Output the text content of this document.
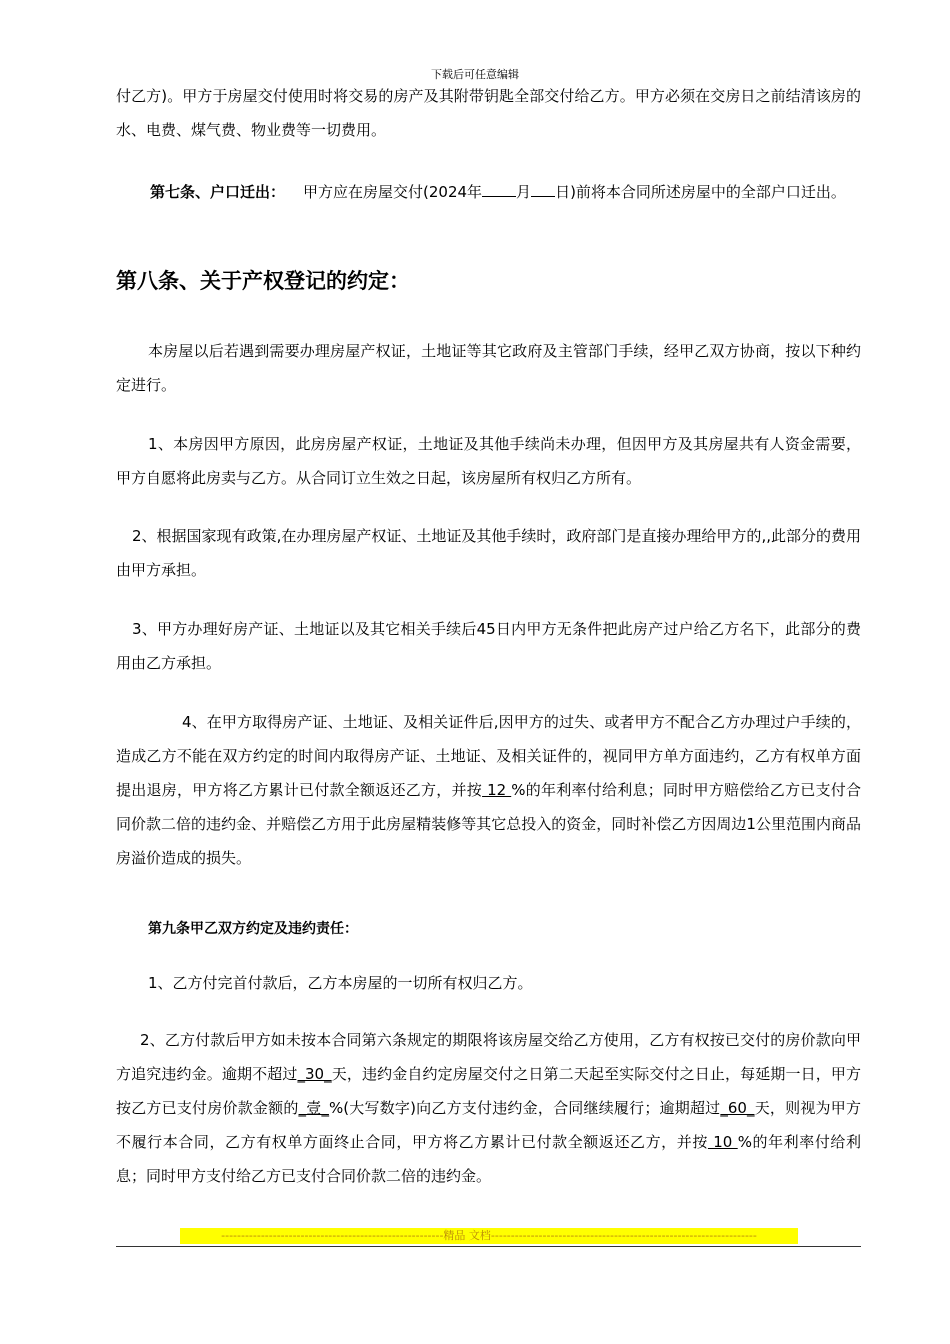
下载后可任意编辑

付乙方)。甲方于房屋交付使用时将交易的房产及其附带钥匙全部交付给乙方。甲方必须在交房日之前结清该房的水、电费、煤气费、物业费等一切费用。

第七条、户口迁出： 甲方应在房屋交付(2024年 月 日)前将本合同所述房屋中的全部户口迁出。

第八条、关于产权登记的约定：

本房屋以后若遇到需要办理房屋产权证，土地证等其它政府及主管部门手续，经甲乙双方协商，按以下种约定进行。

1、本房因甲方原因，此房房屋产权证，土地证及其他手续尚未办理，但因甲方及其房屋共有人资金需要，甲方自愿将此房卖与乙方。从合同订立生效之日起，该房屋所有权归乙方所有。

2、根据国家现有政策,在办理房屋产权证、土地证及其他手续时，政府部门是直接办理给甲方的,,此部分的费用由甲方承担。

3、甲方办理好房产证、土地证以及其它相关手续后45日内甲方无条件把此房产过户给乙方名下，此部分的费用由乙方承担。

4、在甲方取得房产证、土地证、及相关证件后,因甲方的过失、或者甲方不配合乙方办理过户手续的，造成乙方不能在双方约定的时间内取得房产证、土地证、及相关证件的，视同甲方单方面违约，乙方有权单方面提出退房，甲方将乙方累计已付款全额返还乙方，并按 12 %的年利率付给利息；同时甲方赔偿给乙方已支付合同价款二倍的违约金、并赔偿乙方用于此房屋精装修等其它总投入的资金，同时补偿乙方因周边1公里范围内商品房溢价造成的损失。

第九条甲乙双方约定及违约责任：

1、乙方付完首付款后，乙方本房屋的一切所有权归乙方。

2、乙方付款后甲方如未按本合同第六条规定的期限将该房屋交给乙方使用，乙方有权按已交付的房价款向甲方追究违约金。逾期不超过_30_天，违约金自约定房屋交付之日第二天起至实际交付之日止，每延期一日，甲方按乙方已支付房价款金额的_壹_%(大写数字)向乙方支付违约金，合同继续履行；逾期超过_60_天，则视为甲方不履行本合同，乙方有权单方面终止合同，甲方将乙方累计已付款全额返还乙方，并按 10 %的年利率付给利息；同时甲方支付给乙方已支付合同价款二倍的违约金。

--------------------------------------------------------精品 文档-------------------------------------------------------------------
